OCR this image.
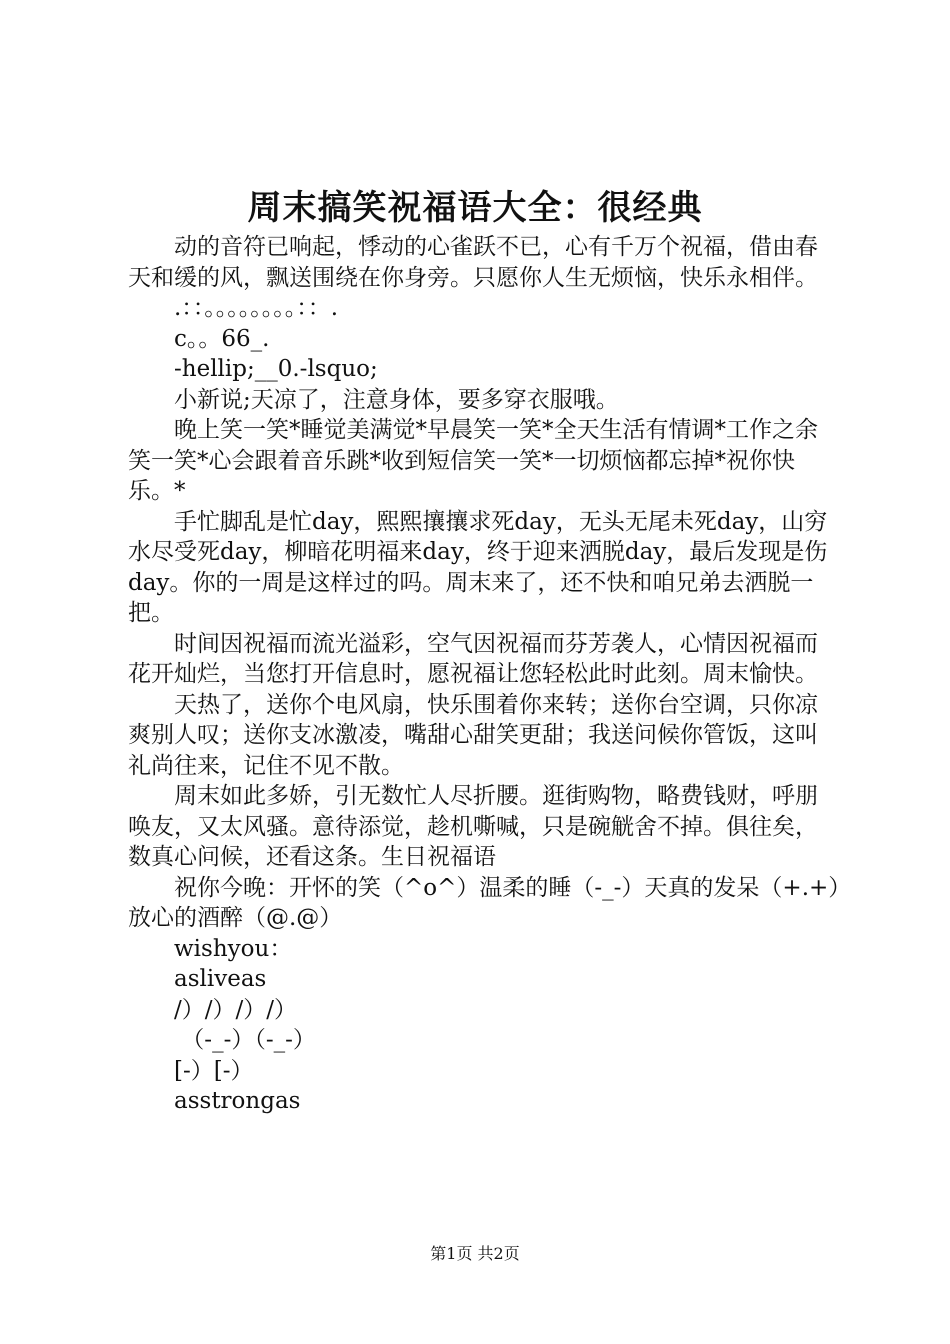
周末搞笑祝福语大全：很经典

动的音符已响起，悸动的心雀跃不已，心有千万个祝福，借由春天和缓的风，飘送围绕在你身旁。只愿你人生无烦恼，快乐永相伴。

.：：。。。。。。。。：：.

c。。66_.

-hellip;__0.-lsquo;

小新说;天凉了，注意身体，要多穿衣服哦。

晚上笑一笑*睡觉美满觉*早晨笑一笑*全天生活有情调*工作之余笑一笑*心会跟着音乐跳*收到短信笑一笑*一切烦恼都忘掉*祝你快乐。*

手忙脚乱是忙day，熙熙攘攘求死day，无头无尾未死day，山穷水尽受死day，柳暗花明福来day，终于迎来洒脱day，最后发现是伤day。你的一周是这样过的吗。周末来了，还不快和咱兄弟去洒脱一把。

时间因祝福而流光溢彩，空气因祝福而芬芳袭人，心情因祝福而花开灿烂，当您打开信息时，愿祝福让您轻松此时此刻。周末愉快。

天热了，送你个电风扇，快乐围着你来转；送你台空调，只你凉爽别人叹；送你支冰激凌，嘴甜心甜笑更甜；我送问候你管饭，这叫礼尚往来，记住不见不散。

周末如此多娇，引无数忙人尽折腰。逛街购物，略费钱财，呼朋唤友，又太风骚。意待添觉，趁机嘶喊，只是碗觥舍不掉。俱往矣，数真心问候，还看这条。生日祝福语

祝你今晚：开怀的笑（^o^）温柔的睡（-_-）天真的发呆（+.+）放心的酒醉（@.@）

wishyou：

asliveas

/）/）/）/）

（-_-）（-_-）

[-）[-）

asstrongas

第1页 共2页
